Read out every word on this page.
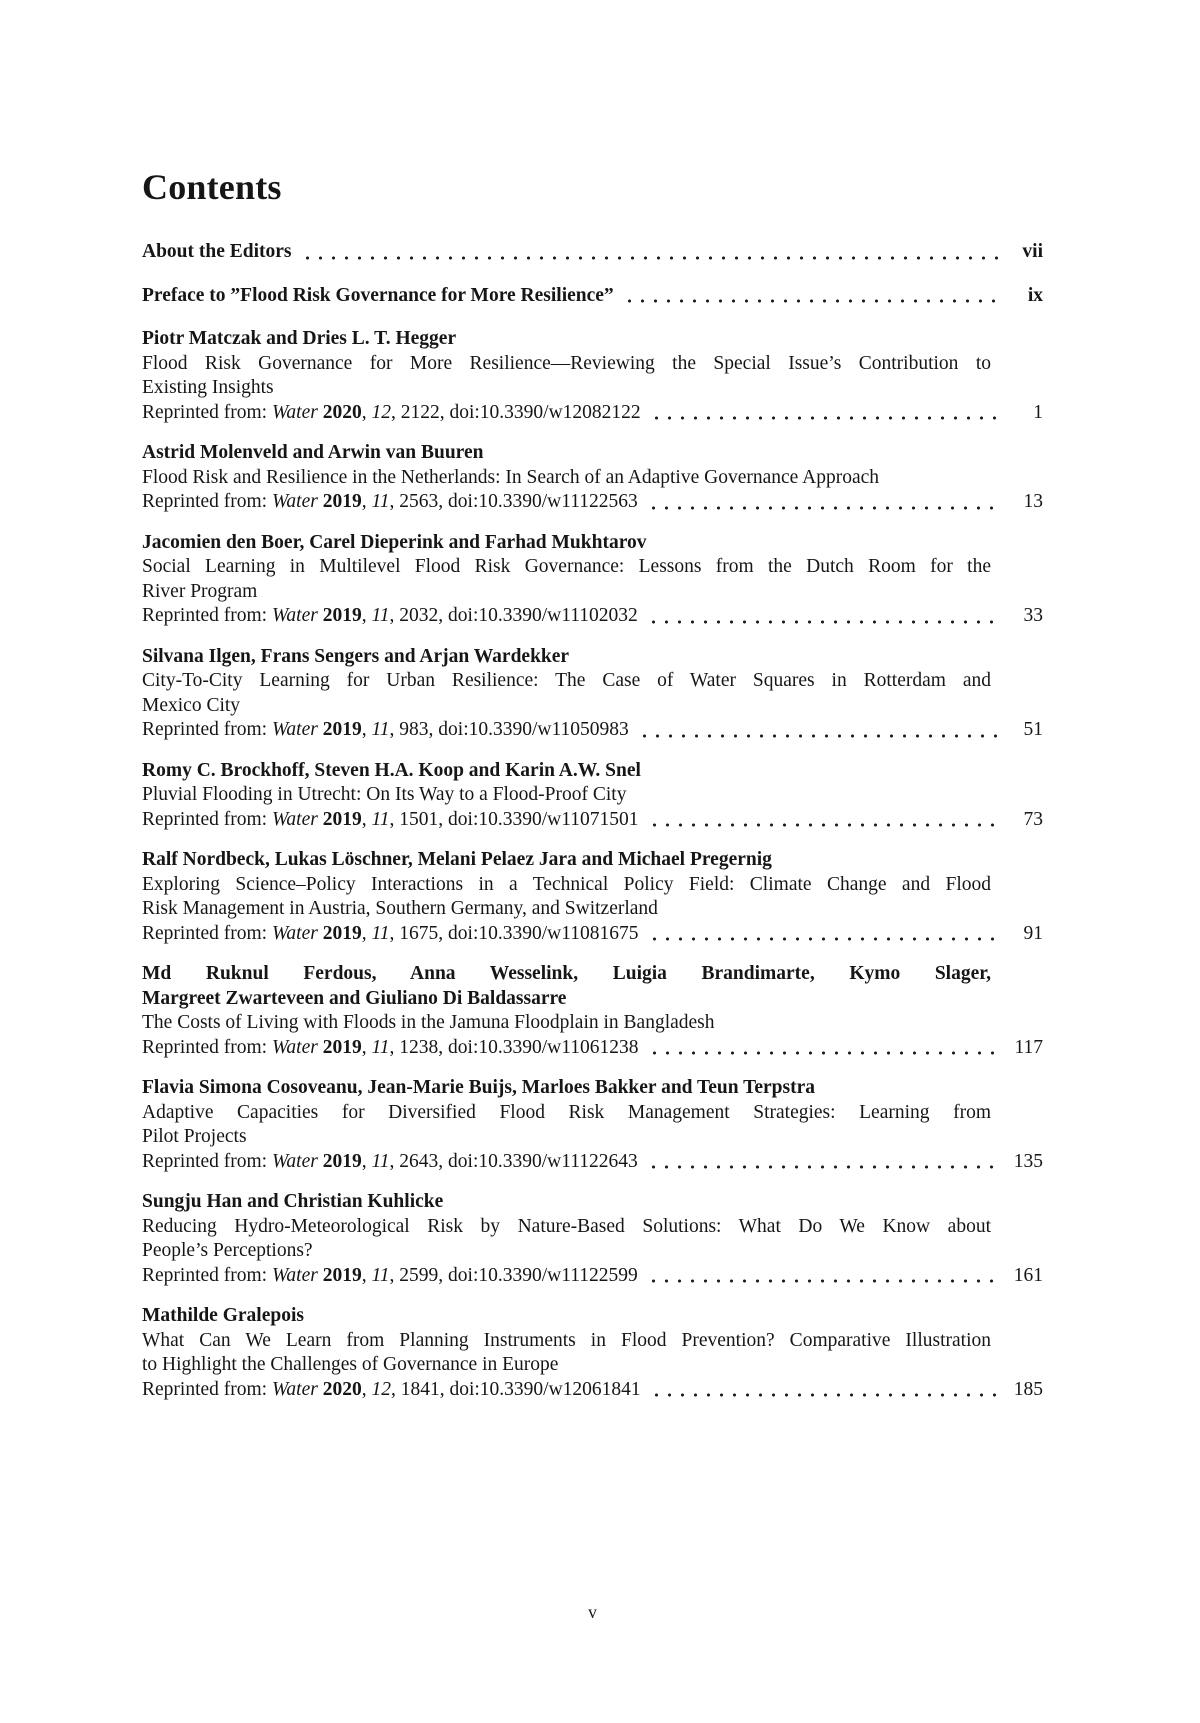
Contents
About the Editors	vii
Preface to ”Flood Risk Governance for More Resilience”	ix
Piotr Matczak and Dries L. T. Hegger
Flood Risk Governance for More Resilience—Reviewing the Special Issue’s Contribution to
Existing Insights
Reprinted from: Water 2020, 12, 2122, doi:10.3390/w12082122	1
Astrid Molenveld and Arwin van Buuren
Flood Risk and Resilience in the Netherlands: In Search of an Adaptive Governance Approach
Reprinted from: Water 2019, 11, 2563, doi:10.3390/w11122563	13
Jacomien den Boer, Carel Dieperink and Farhad Mukhtarov
Social Learning in Multilevel Flood Risk Governance: Lessons from the Dutch Room for the
River Program
Reprinted from: Water 2019, 11, 2032, doi:10.3390/w11102032	33
Silvana Ilgen, Frans Sengers and Arjan Wardekker
City-To-City Learning for Urban Resilience: The Case of Water Squares in Rotterdam and
Mexico City
Reprinted from: Water 2019, 11, 983, doi:10.3390/w11050983	51
Romy C. Brockhoff, Steven H.A. Koop and Karin A.W. Snel
Pluvial Flooding in Utrecht: On Its Way to a Flood-Proof City
Reprinted from: Water 2019, 11, 1501, doi:10.3390/w11071501	73
Ralf Nordbeck, Lukas Löschner, Melani Pelaez Jara and Michael Pregernig
Exploring Science–Policy Interactions in a Technical Policy Field: Climate Change and Flood
Risk Management in Austria, Southern Germany, and Switzerland
Reprinted from: Water 2019, 11, 1675, doi:10.3390/w11081675	91
Md Ruknul Ferdous, Anna Wesselink, Luigia Brandimarte, Kymo Slager,
Margreet Zwarteveen and Giuliano Di Baldassarre
The Costs of Living with Floods in the Jamuna Floodplain in Bangladesh
Reprinted from: Water 2019, 11, 1238, doi:10.3390/w11061238	117
Flavia Simona Cosoveanu, Jean-Marie Buijs, Marloes Bakker and Teun Terpstra
Adaptive Capacities for Diversified Flood Risk Management Strategies: Learning from
Pilot Projects
Reprinted from: Water 2019, 11, 2643, doi:10.3390/w11122643	135
Sungju Han and Christian Kuhlicke
Reducing Hydro-Meteorological Risk by Nature-Based Solutions: What Do We Know about
People’s Perceptions?
Reprinted from: Water 2019, 11, 2599, doi:10.3390/w11122599	161
Mathilde Gralepois
What Can We Learn from Planning Instruments in Flood Prevention? Comparative Illustration
to Highlight the Challenges of Governance in Europe
Reprinted from: Water 2020, 12, 1841, doi:10.3390/w12061841	185
v
